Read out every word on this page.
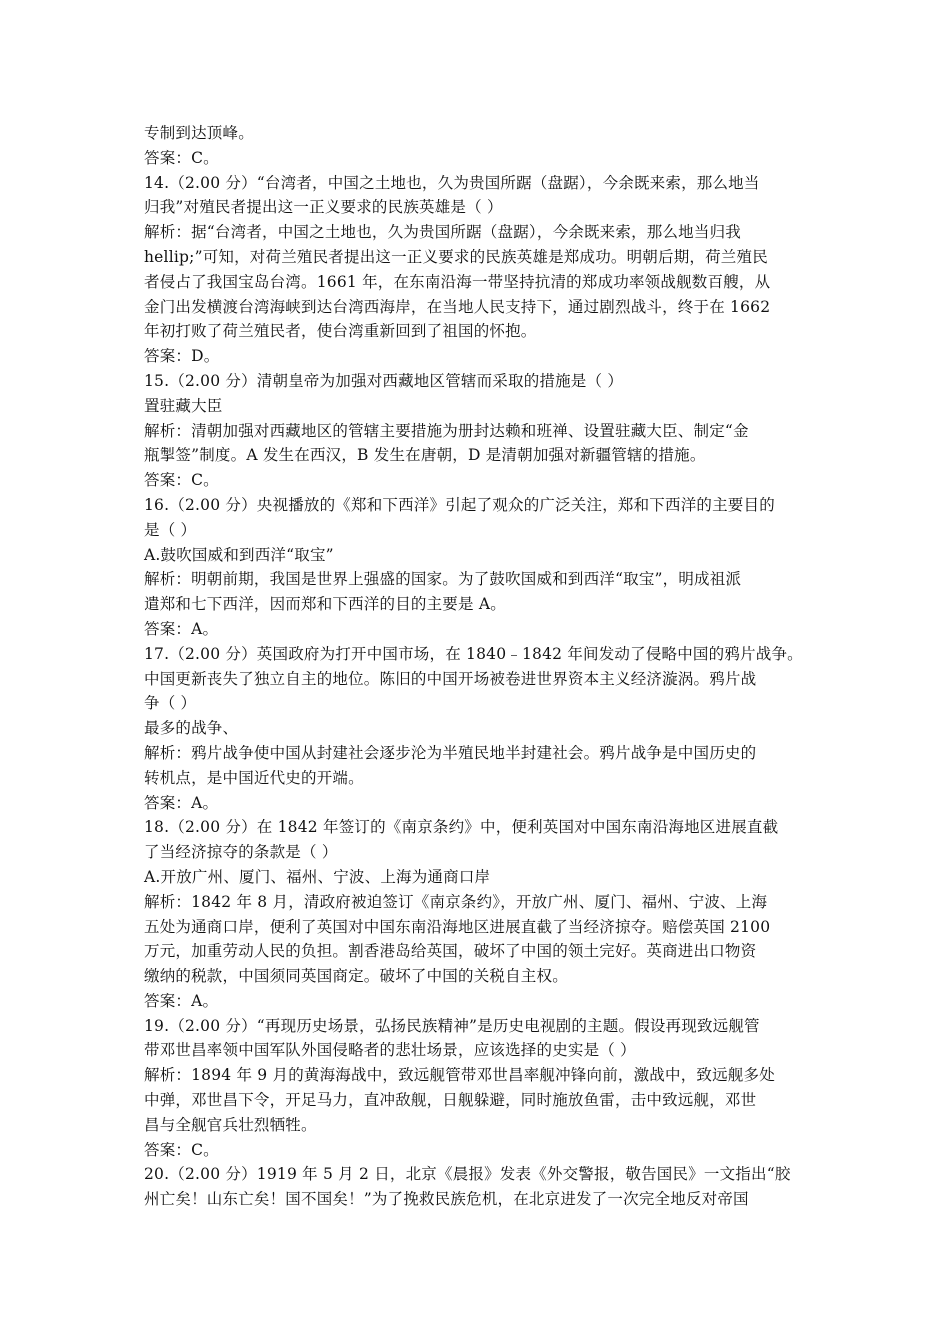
专制到达顶峰。
答案：C。
14.（2.00 分）“台湾者，中国之土地也，久为贵国所踞（盘踞），今余既来索，那么地当
归我”对殖民者提出这一正义要求的民族英雄是（ ）
解析：据“台湾者，中国之土地也，久为贵国所踞（盘踞），今余既来索，那么地当归我
hellip;”可知，对荷兰殖民者提出这一正义要求的民族英雄是郑成功。明朝后期，荷兰殖民
者侵占了我国宝岛台湾。1661 年，在东南沿海一带坚持抗清的郑成功率领战舰数百艘，从
金门出发横渡台湾海峡到达台湾西海岸，在当地人民支持下，通过剧烈战斗，终于在 1662
年初打败了荷兰殖民者，使台湾重新回到了祖国的怀抱。
答案：D。
15.（2.00 分）清朝皇帝为加强对西藏地区管辖而采取的措施是（ ）
置驻藏大臣
解析：清朝加强对西藏地区的管辖主要措施为册封达赖和班禅、设置驻藏大臣、制定“金
瓶掣签”制度。A 发生在西汉，B 发生在唐朝，D 是清朝加强对新疆管辖的措施。
答案：C。
16.（2.00 分）央视播放的《郑和下西洋》引起了观众的广泛关注，郑和下西洋的主要目的
是（ ）
A.鼓吹国威和到西洋“取宝”
解析：明朝前期，我国是世界上强盛的国家。为了鼓吹国威和到西洋“取宝”，明成祖派
遣郑和七下西洋，因而郑和下西洋的目的主要是 A。
答案：A。
17.（2.00 分）英国政府为打开中国市场，在 1840﹣1842 年间发动了侵略中国的鸦片战争。
中国更新丧失了独立自主的地位。陈旧的中国开场被卷进世界资本主义经济漩涡。鸦片战
争（ ）
最多的战争、
解析：鸦片战争使中国从封建社会逐步沦为半殖民地半封建社会。鸦片战争是中国历史的
转机点，是中国近代史的开端。
答案：A。
18.（2.00 分）在 1842 年签订的《南京条约》中，便利英国对中国东南沿海地区进展直截
了当经济掠夺的条款是（ ）
A.开放广州、厦门、福州、宁波、上海为通商口岸
解析：1842 年 8 月，清政府被迫签订《南京条约》，开放广州、厦门、福州、宁波、上海
五处为通商口岸，便利了英国对中国东南沿海地区进展直截了当经济掠夺。赔偿英国 2100
万元，加重劳动人民的负担。割香港岛给英国，破坏了中国的领土完好。英商进出口物资
缴纳的税款，中国须同英国商定。破坏了中国的关税自主权。
答案：A。
19.（2.00 分）“再现历史场景，弘扬民族精神”是历史电视剧的主题。假设再现致远舰管
带邓世昌率领中国军队外国侵略者的悲壮场景，应该选择的史实是（ ）
解析：1894 年 9 月的黄海海战中，致远舰管带邓世昌率舰冲锋向前，激战中，致远舰多处
中弹，邓世昌下令，开足马力，直冲敌舰，日舰躲避，同时施放鱼雷，击中致远舰，邓世
昌与全舰官兵壮烈牺牲。
答案：C。
20.（2.00 分）1919 年 5 月 2 日，北京《晨报》发表《外交警报，敬告国民》一文指出“胶
州亡矣！山东亡矣！国不国矣！”为了挽救民族危机，在北京进发了一次完全地反对帝国
